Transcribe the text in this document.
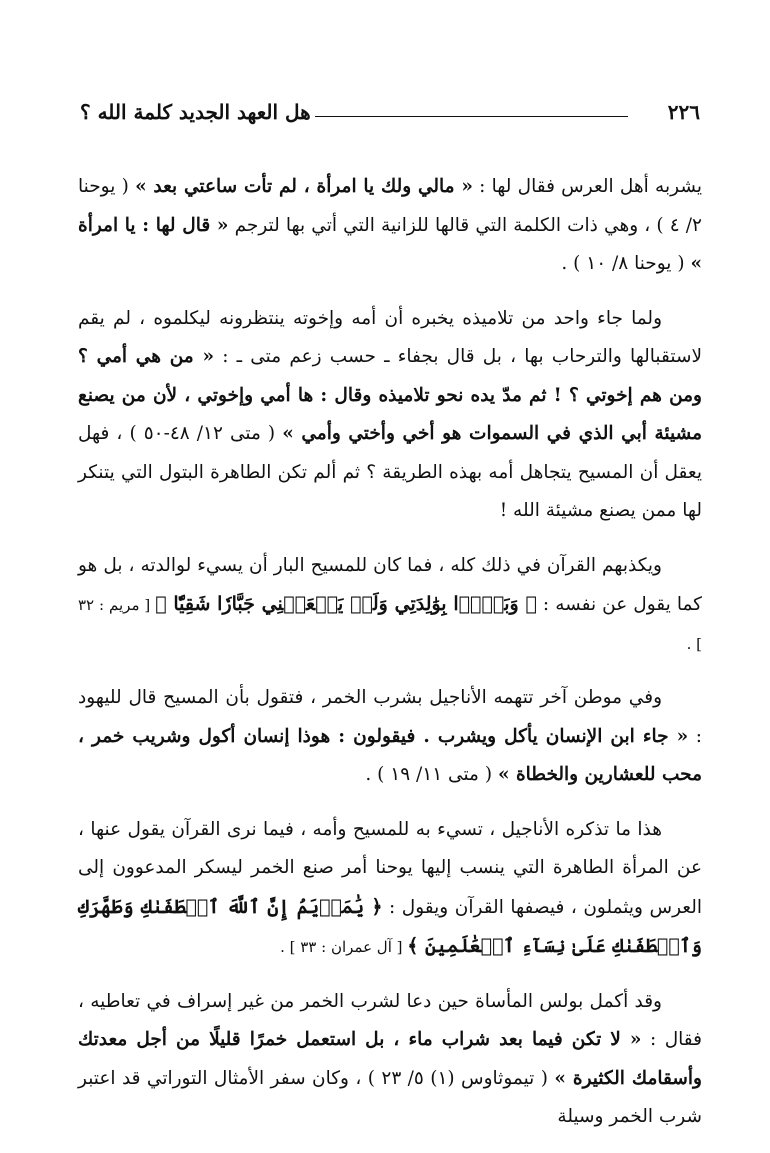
٢٢٦
هل العهد الجديد كلمة الله ؟

يشربه أهل العرس فقال لها : « مالي ولك يا امرأة ، لم تأت ساعتي بعد » ( يوحنا ٢/ ٤ ) ، وهي ذات الكلمة التي قالها للزانية التي أتي بها لترجم « قال لها : يا امرأة » ( يوحنا ٨/ ١٠ ) .

ولما جاء واحد من تلاميذه يخبره أن أمه وإخوته ينتظرونه ليكلموه ، لم يقم لاستقبالها والترحاب بها ، بل قال بجفاء ـ حسب زعم متى ـ : « من هي أمي ؟ ومن هم إخوتي ؟ ! ثم مدّ يده نحو تلاميذه وقال : ها أمي وإخوتي ، لأن من يصنع مشيئة أبي الذي في السموات هو أخي وأختي وأمي » ( متى ١٢/ ٤٨-٥٠ ) ، فهل يعقل أن المسيح يتجاهل أمه بهذه الطريقة ؟ ثم ألم تكن الطاهرة البتول التي يتنكر لها ممن يصنع مشيئة الله !

ويكذبهم القرآن في ذلك كله ، فما كان للمسيح البار أن يسيء لوالدته ، بل هو كما يقول عن نفسه : ﴿ وَبَرَّۢا بِوَٰلِدَتِي وَلَمۡ يَجۡعَلۡنِي جَبَّارٗا شَقِيّٗا ﴾ [ مريم : ٣٢ ] .

وفي موطن آخر تتهمه الأناجيل بشرب الخمر ، فتقول بأن المسيح قال لليهود : « جاء ابن الإنسان يأكل ويشرب . فيقولون : هوذا إنسان أكول وشريب خمر ، محب للعشارين والخطاة » ( متى ١١/ ١٩ ) .

هذا ما تذكره الأناجيل ، تسيء به للمسيح وأمه ، فيما نرى القرآن يقول عنها ، عن المرأة الطاهرة التي ينسب إليها يوحنا أمر صنع الخمر ليسكر المدعوون إلى العرس ويثملون ، فيصفها القرآن ويقول : ﴿ يَٰمَرۡيَمُ إِنَّ ٱللَّهَ ٱصۡطَفَىٰكِ وَطَهَّرَكِ وَٱصۡطَفَىٰكِ عَلَىٰ نِسَآءِ ٱلۡعَٰلَمِينَ ﴾ [ آل عمران : ٣٣ ] .

وقد أكمل بولس المأساة حين دعا لشرب الخمر من غير إسراف في تعاطيه ، فقال : « لا تكن فيما بعد شراب ماء ، بل استعمل خمرًا قليلًا من أجل معدتك وأسقامك الكثيرة » ( تيموثاوس (١) ٥/ ٢٣ ) ، وكان سفر الأمثال التوراتي قد اعتبر شرب الخمر وسيلة
